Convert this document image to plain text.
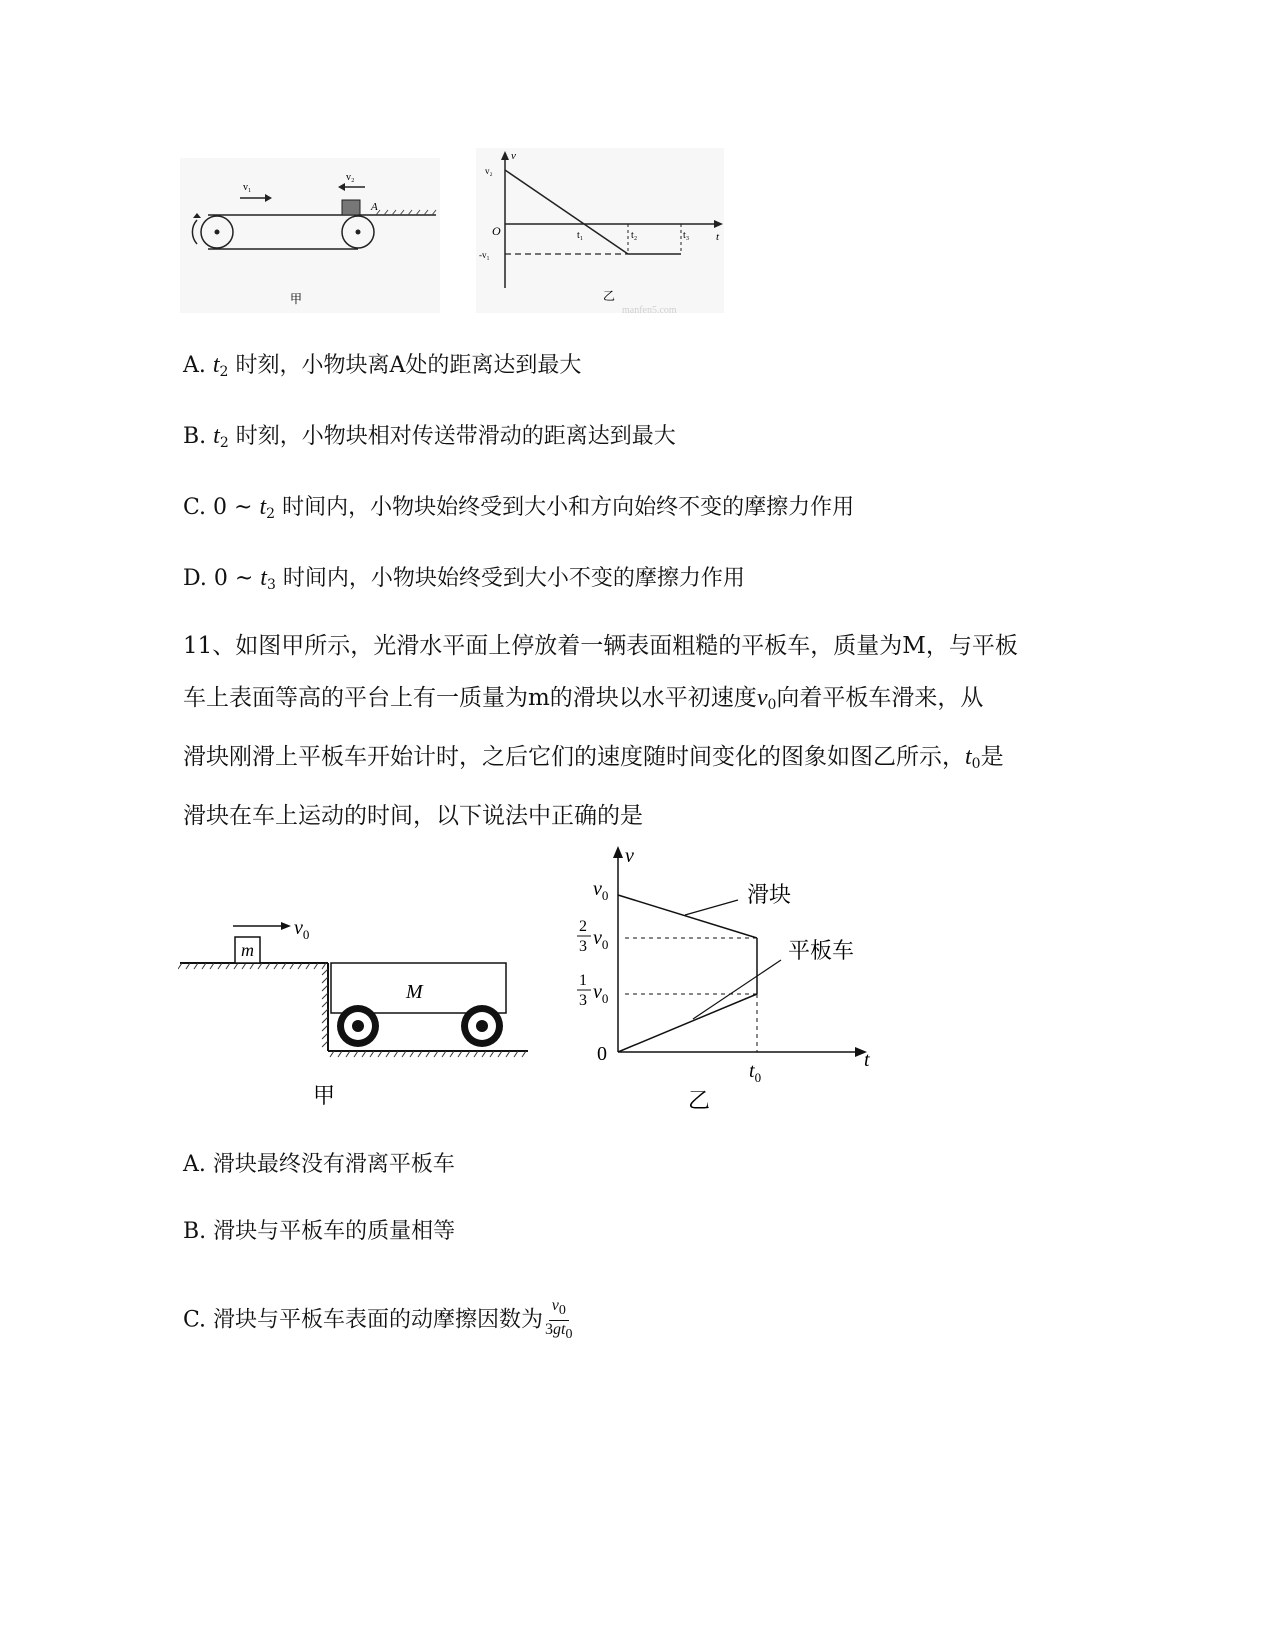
v₁
v₂
A
甲
v
t
O
v₂
-v₁
t₁	t₂	t₃
乙
manfen5.com
A. $t_2$ 时刻，小物块离A处的距离达到最大
B. $t_2$ 时刻，小物块相对传送带滑动的距离达到最大
C. 0 ~ $t_2$ 时间内，小物块始终受到大小和方向始终不变的摩擦力作用
D. 0 ~ $t_3$ 时间内，小物块始终受到大小不变的摩擦力作用
11、如图甲所示，光滑水平面上停放着一辆表面粗糙的平板车，质量为M，与平板
车上表面等高的平台上有一质量为m的滑块以水平初速度$v_0$向着平板车滑来，从
滑块刚滑上平板车开始计时，之后它们的速度随时间变化的图象如图乙所示，$t_0$是
滑块在车上运动的时间，以下说法中正确的是
m
$v_0$
M
甲
v
t
0
$v_0$
2
3 $v_0$
1
3 $v_0$
滑块
平板车
$t_0$
乙
A. 滑块最终没有滑离平板车
B. 滑块与平板车的质量相等
C. 滑块与平板车表面的动摩擦因数为 $\frac{v_0}{3gt_0}$
